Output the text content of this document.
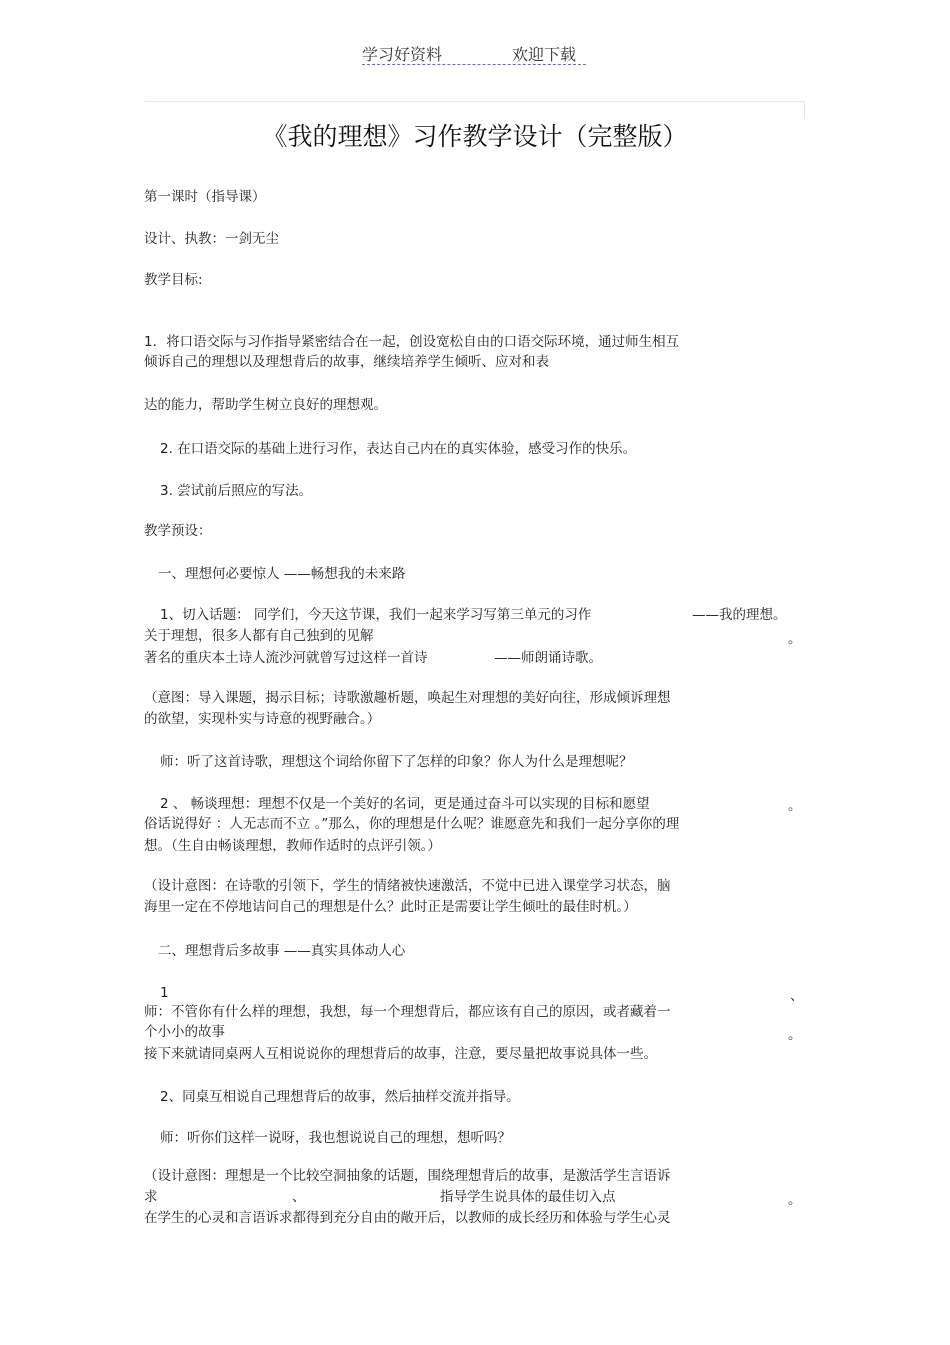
学习好资料	欢迎下载
《我的理想》习作教学设计（完整版）
第一课时（指导课）
设计、执教：一剑无尘
教学目标:
1．将口语交际与习作指导紧密结合在一起，创设宽松自由的口语交际环境，通过师生相互
倾诉自己的理想以及理想背后的故事，继续培养学生倾听、应对和表
达的能力，帮助学生树立良好的理想观。
2. 在口语交际的基础上进行习作，表达自己内在的真实体验，感受习作的快乐。
3. 尝试前后照应的写法。
教学预设：
一、理想何必要惊人 ——畅想我的未来路
1、切入话题： 同学们，今天这节课，我们一起来学习写第三单元的习作	——我的理想。
关于理想，很多人都有自己独到的见解	。
著名的重庆本土诗人流沙河就曾写过这样一首诗	——师朗诵诗歌。
（意图：导入课题，揭示目标；诗歌激趣析题，唤起生对理想的美好向往，形成倾诉理想
的欲望，实现朴实与诗意的视野融合。）
师：听了这首诗歌，理想这个词给你留下了怎样的印象？你人为什么是理想呢？
2 、 畅谈理想：理想不仅是一个美好的名词，更是通过奋斗可以实现的目标和愿望	。
俗话说得好 ：人无志而不立 。”那么，你的理想是什么呢？谁愿意先和我们一起分享你的理
想。（生自由畅谈理想，教师作适时的点评引领。）
（设计意图：在诗歌的引领下，学生的情绪被快速激活，不觉中已进入课堂学习状态，脑
海里一定在不停地诘问自己的理想是什么？此时正是需要让学生倾吐的最佳时机。）
二、理想背后多故事 ——真实具体动人心
1	、
师：不管你有什么样的理想，我想，每一个理想背后，都应该有自己的原因，或者藏着一
个小小的故事	。
接下来就请同桌两人互相说说你的理想背后的故事，注意，要尽量把故事说具体一些。
2、同桌互相说自己理想背后的故事，然后抽样交流并指导。
师：听你们这样一说呀，我也想说说自己的理想，想听吗？
（设计意图：理想是一个比较空洞抽象的话题，围绕理想背后的故事，是激活学生言语诉
求	、	指导学生说具体的最佳切入点	。
在学生的心灵和言语诉求都得到充分自由的敞开后，以教师的成长经历和体验与学生心灵
